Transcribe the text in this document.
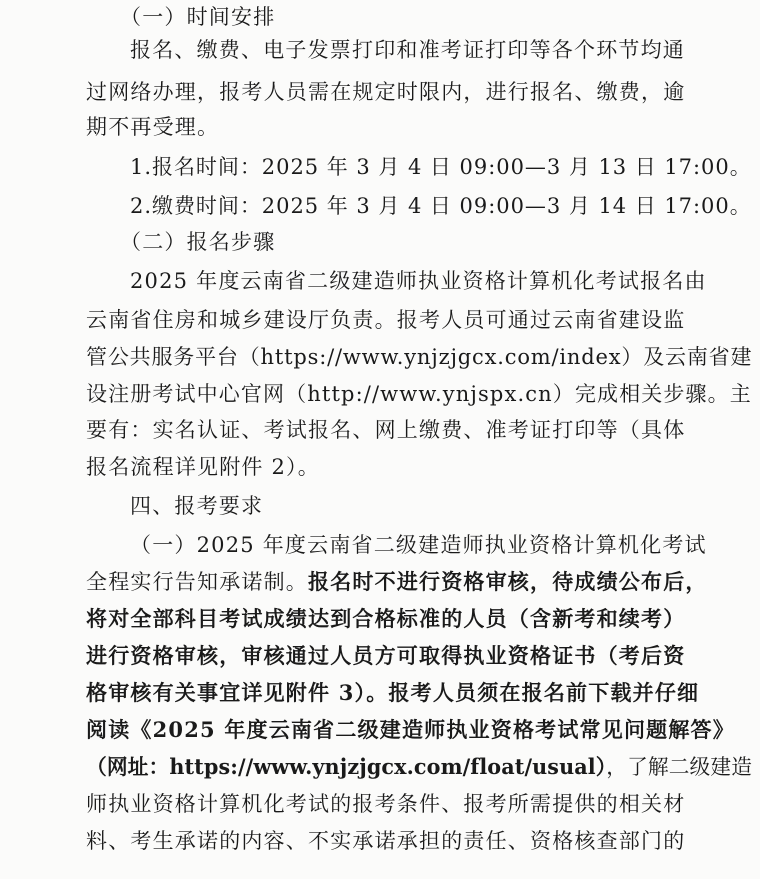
（一）时间安排
报名、缴费、电子发票打印和准考证打印等各个环节均通
过网络办理，报考人员需在规定时限内，进行报名、缴费，逾
期不再受理。
1.报名时间：2025 年 3 月 4 日 09:00—3 月 13 日 17:00。
2.缴费时间：2025 年 3 月 4 日 09:00—3 月 14 日 17:00。
（二）报名步骤
2025 年度云南省二级建造师执业资格计算机化考试报名由
云南省住房和城乡建设厅负责。报考人员可通过云南省建设监
管公共服务平台（https://www.ynjzjgcx.com/index）及云南省建
设注册考试中心官网（http://www.ynjspx.cn）完成相关步骤。主
要有：实名认证、考试报名、网上缴费、准考证打印等（具体
报名流程详见附件 2）。
四、报考要求
（一）2025 年度云南省二级建造师执业资格计算机化考试
全程实行告知承诺制。报名时不进行资格审核，待成绩公布后，
将对全部科目考试成绩达到合格标准的人员（含新考和续考）
进行资格审核，审核通过人员方可取得执业资格证书（考后资
格审核有关事宜详见附件 3）。报考人员须在报名前下载并仔细
阅读《2025 年度云南省二级建造师执业资格考试常见问题解答》
（网址：https://www.ynjzjgcx.com/float/usual），了解二级建造
师执业资格计算机化考试的报考条件、报考所需提供的相关材
料、考生承诺的内容、不实承诺承担的责任、资格核查部门的
